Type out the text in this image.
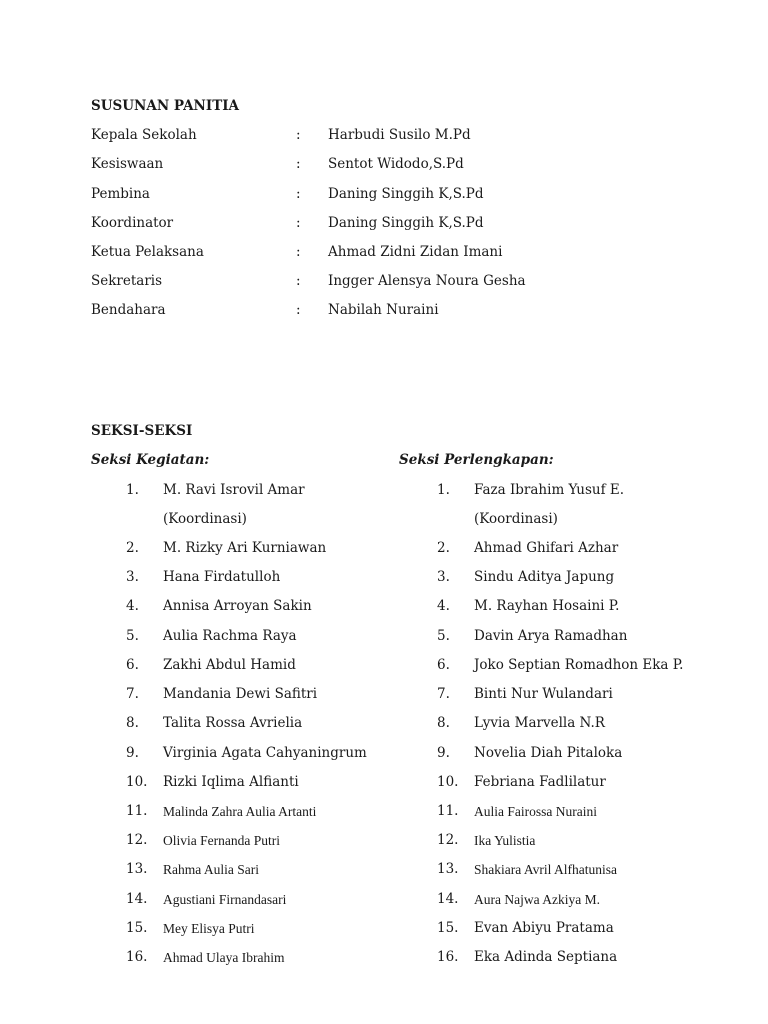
SUSUNAN PANITIA
Kepala Sekolah	: Harbudi Susilo M.Pd
Kesiswaan	: Sentot Widodo,S.Pd
Pembina	: Daning Singgih K,S.Pd
Koordinator	: Daning Singgih K,S.Pd
Ketua Pelaksana	: Ahmad Zidni Zidan Imani
Sekretaris	: Ingger Alensya Noura Gesha
Bendahara	: Nabilah Nuraini
SEKSI-SEKSI
Seksi Kegiatan:	Seksi Perlengkapan:
1. M. Ravi Isrovil Amar
(Koordinasi)
2. M. Rizky Ari Kurniawan
3. Hana Firdatulloh
4. Annisa Arroyan Sakin
5. Aulia Rachma Raya
6. Zakhi Abdul Hamid
7. Mandania Dewi Safitri
8. Talita Rossa Avrielia
9. Virginia Agata Cahyaningrum
10. Rizki Iqlima Alfianti
11. Malinda Zahra Aulia Artanti
12. Olivia Fernanda Putri
13. Rahma Aulia Sari
14. Agustiani Firnandasari
15. Mey Elisya Putri
16. Ahmad Ulaya Ibrahim
1. Faza Ibrahim Yusuf E.
(Koordinasi)
2. Ahmad Ghifari Azhar
3. Sindu Aditya Japung
4. M. Rayhan Hosaini P.
5. Davin Arya Ramadhan
6. Joko Septian Romadhon Eka P.
7. Binti Nur Wulandari
8. Lyvia Marvella N.R
9. Novelia Diah Pitaloka
10. Febriana Fadlilatur
11. Aulia Fairossa Nuraini
12. Ika Yulistia
13. Shakiara Avril Alfhatunisa
14. Aura Najwa Azkiya M.
15. Evan Abiyu Pratama
16. Eka Adinda Septiana
